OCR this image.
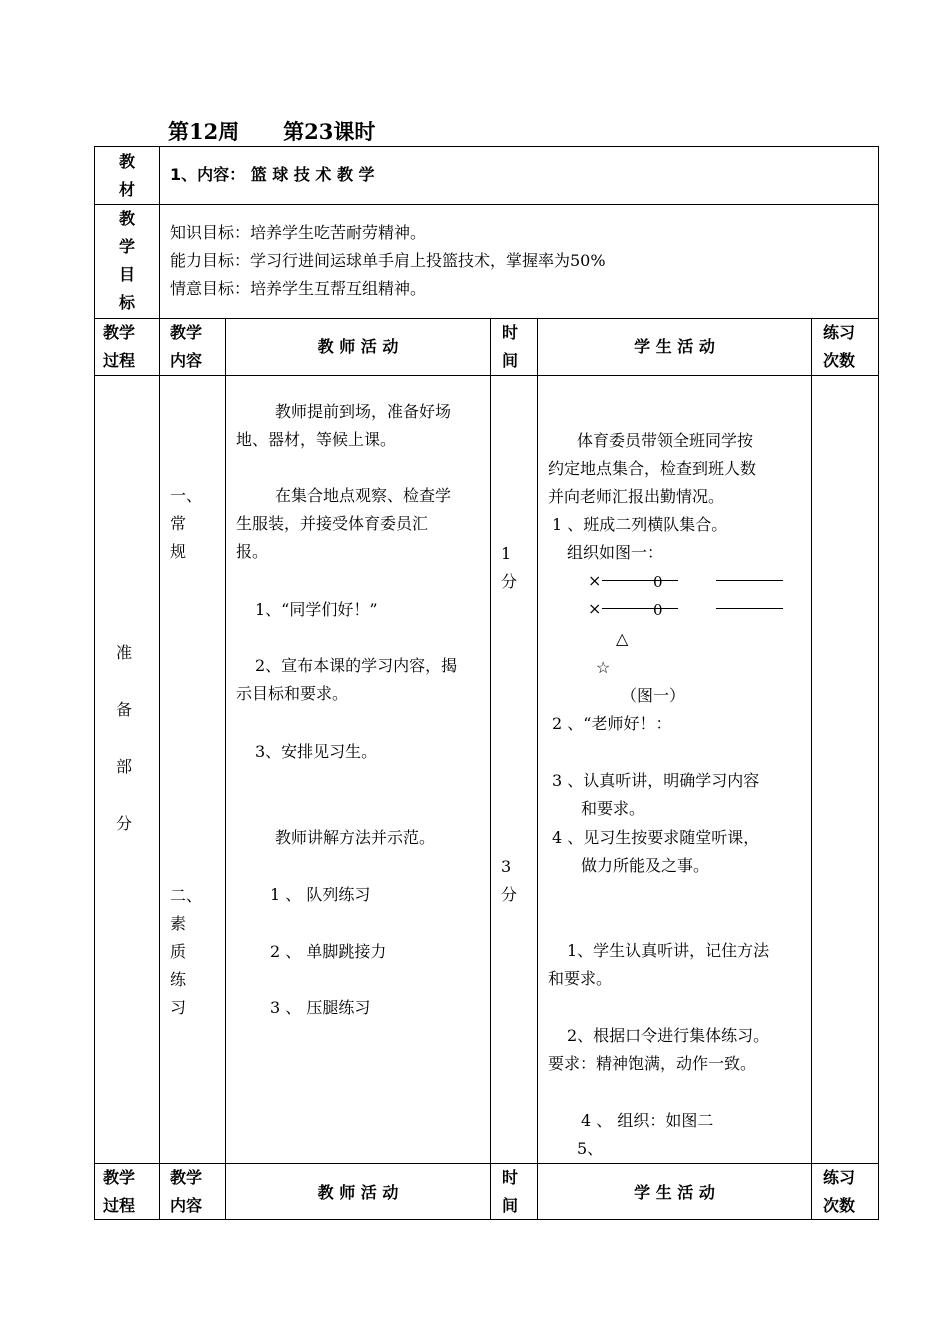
第12周 第23课时
教材
1、内容： 篮 球 技 术 教 学
教学目标
知识目标：培养学生吃苦耐劳精神。
能力目标：学习行进间运球单手肩上投篮技术，掌握率为50%
情意目标：培养学生互帮互组精神。
教学过程
教学内容
教 师 活 动
时间
学 生 活 动
练习次数
准备部分
一、常规
二、素质练习
教师提前到场，准备好场
地、器材，等候上课。
在集合地点观察、检查学
生服装，并接受体育委员汇
报。
1、“同学们好！”
2、宣布本课的学习内容，揭
示目标和要求。
3、安排见习生。
教师讲解方法并示范。
1 、 队列练习
2 、 单脚跳接力
3 、 压腿练习
1
分
3
分
体育委员带领全班同学按
约定地点集合，检查到班人数
并向老师汇报出勤情况。
1 、班成二列横队集合。
组织如图一：
×	0
×	0
△
☆
（图一）
2 、“老师好！：
3 、认真听讲，明确学习内容
和要求。
4 、见习生按要求随堂听课，
做力所能及之事。
1、学生认真听讲，记住方法
和要求。
2、根据口令进行集体练习。
要求：精神饱满，动作一致。
4 、 组织：如图二
5、
教学过程
教学内容
教 师 活 动
时间
学 生 活 动
练习次数
